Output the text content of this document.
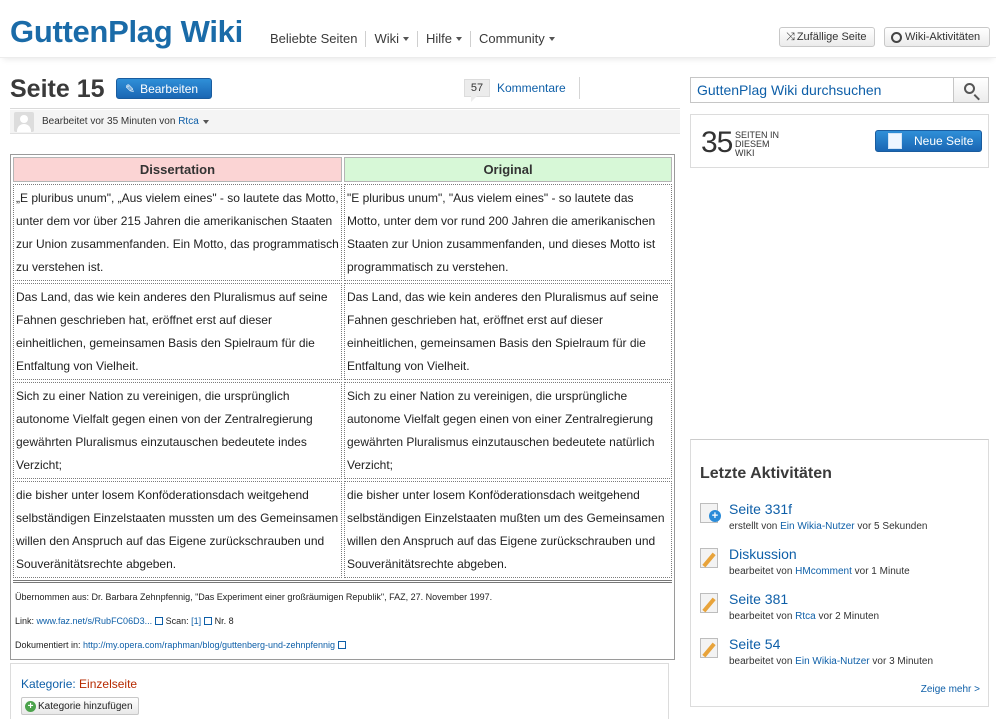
GuttenPlag Wiki Beliebte Seiten Wiki Hilfe Community	⤨ Zufällige Seite	Wiki-Aktivitäten
Seite 15 ✎ Bearbeiten	57	Kommentare
Bearbeitet vor 35 Minuten von
Rtca
Dissertation	Original
„E pluribus unum", „Aus vielem eines" - so lautete das Motto, unter dem vor über 215 Jahren die amerikanischen Staaten zur Union zusammenfanden. Ein Motto, das programmatisch zu verstehen ist.	"E pluribus unum", "Aus vielem eines" - so lautete das Motto, unter dem vor rund 200 Jahren die amerikanischen Staaten zur Union zusammenfanden, und dieses Motto ist programmatisch zu verstehen.
Das Land, das wie kein anderes den Pluralismus auf seine Fahnen geschrieben hat, eröffnet erst auf dieser einheitlichen, gemeinsamen Basis den Spielraum für die Entfaltung von Vielheit.	Das Land, das wie kein anderes den Pluralismus auf seine Fahnen geschrieben hat, eröffnet erst auf dieser einheitlichen, gemeinsamen Basis den Spielraum für die Entfaltung von Vielheit.
Sich zu einer Nation zu vereinigen, die ursprünglich autonome Vielfalt gegen einen von der Zentralregierung gewährten Pluralismus einzutauschen bedeutete indes Verzicht;	Sich zu einer Nation zu vereinigen, die ursprüngliche autonome Vielfalt gegen einen von einer Zentralregierung gewährten Pluralismus einzutauschen bedeutete natürlich Verzicht;
die bisher unter losem Konföderationsdach weitgehend selbständigen Einzelstaaten mussten um des Gemeinsamen willen den Anspruch auf das Eigene zurückschrauben und Souveränitätsrechte abgeben.	die bisher unter losem Konföderationsdach weitgehend selbständigen Einzelstaaten mußten um des Gemeinsamen willen den Anspruch auf das Eigene zurückschrauben und Souveränitätsrechte abgeben.

Übernommen aus: Dr. Barbara Zehnpfennig, "Das Experiment einer großräumigen Republik", FAZ, 27. November 1997.
Link: www.faz.net/s/RubFC06D3... Scan: [1] Nr. 8
Dokumentiert in: http://my.opera.com/raphman/blog/guttenberg-und-zehnpfennig	
Kategorie: Einzelseite
+ Kategorie hinzufügen
GuttenPlag Wiki durchsuchen
35 SEITEN IN DIESEM WIKI
Neue Seite
Letzte Aktivitäten
+
Seite 331f
erstellt von Ein Wikia-Nutzer vor 5 Sekunden
Diskussion
bearbeitet von HMcomment vor 1 Minute
Seite 381
bearbeitet von Rtca vor 2 Minuten
Seite 54
bearbeitet von Ein Wikia-Nutzer vor 3 Minuten
Zeige mehr >
